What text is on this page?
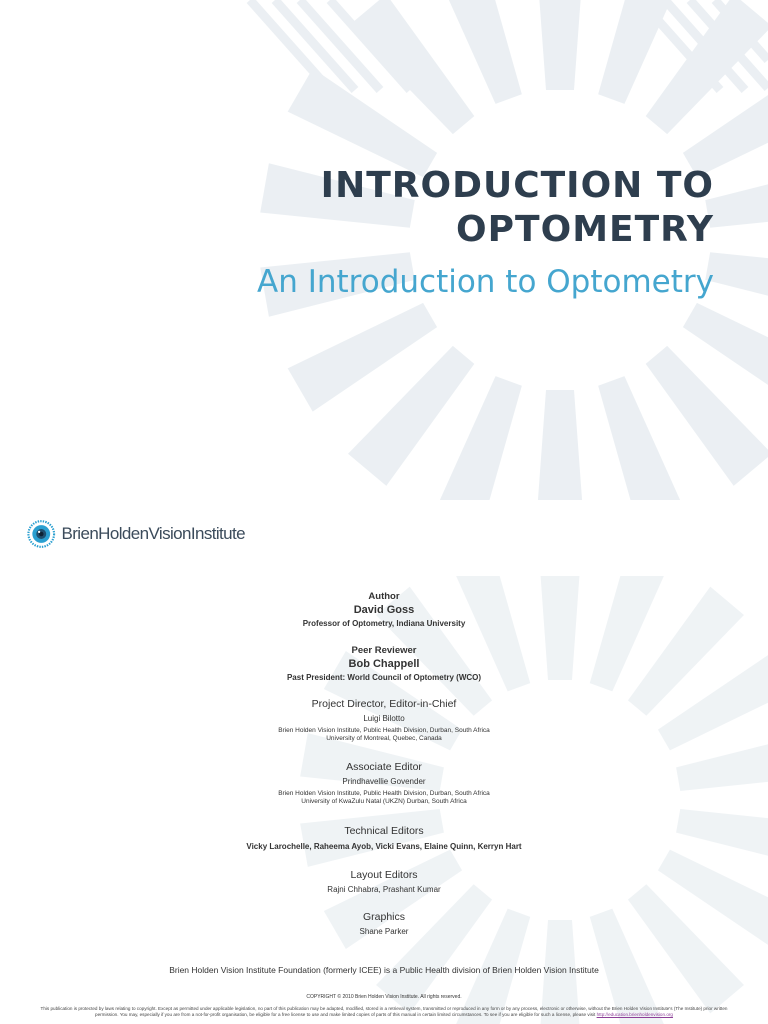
INTRODUCTION TO
OPTOMETRY
An Introduction to Optometry
BrienHoldenVisionInstitute
Author
David Goss
Professor of Optometry, Indiana University
Peer Reviewer
Bob Chappell
Past President: World Council of Optometry (WCO)
Project Director, Editor-in-Chief
Luigi Bilotto
Brien Holden Vision Institute, Public Health Division, Durban, South Africa
University of Montreal, Quebec, Canada
Associate Editor
Prindhavellie Govender
Brien Holden Vision Institute, Public Health Division, Durban, South Africa
University of KwaZulu Natal (UKZN) Durban, South Africa
Technical Editors
Vicky Larochelle, Raheema Ayob, Vicki Evans, Elaine Quinn, Kerryn Hart
Layout Editors
Rajni Chhabra, Prashant Kumar
Graphics
Shane Parker
Brien Holden Vision Institute Foundation (formerly ICEE) is a Public Health division of Brien Holden Vision Institute
COPYRIGHT © 2010 Brien Holden Vision Institute. All rights reserved.
This publication is protected by laws relating to copyright. Except as permitted under applicable legislation, no part of this publication may be adapted, modified, stored in a retrieval system, transmitted or reproduced in any form or by any process, electronic or otherwise, without the Brien Holden Vision Institute's (The Institute) prior written permission. You may, especially if you are from a not-for-profit organisation, be eligible for a free license to use and make limited copies of parts of this manual in certain limited circumstances. To see if you are eligible for such a license, please visit http://education.brienholdenvision.org
